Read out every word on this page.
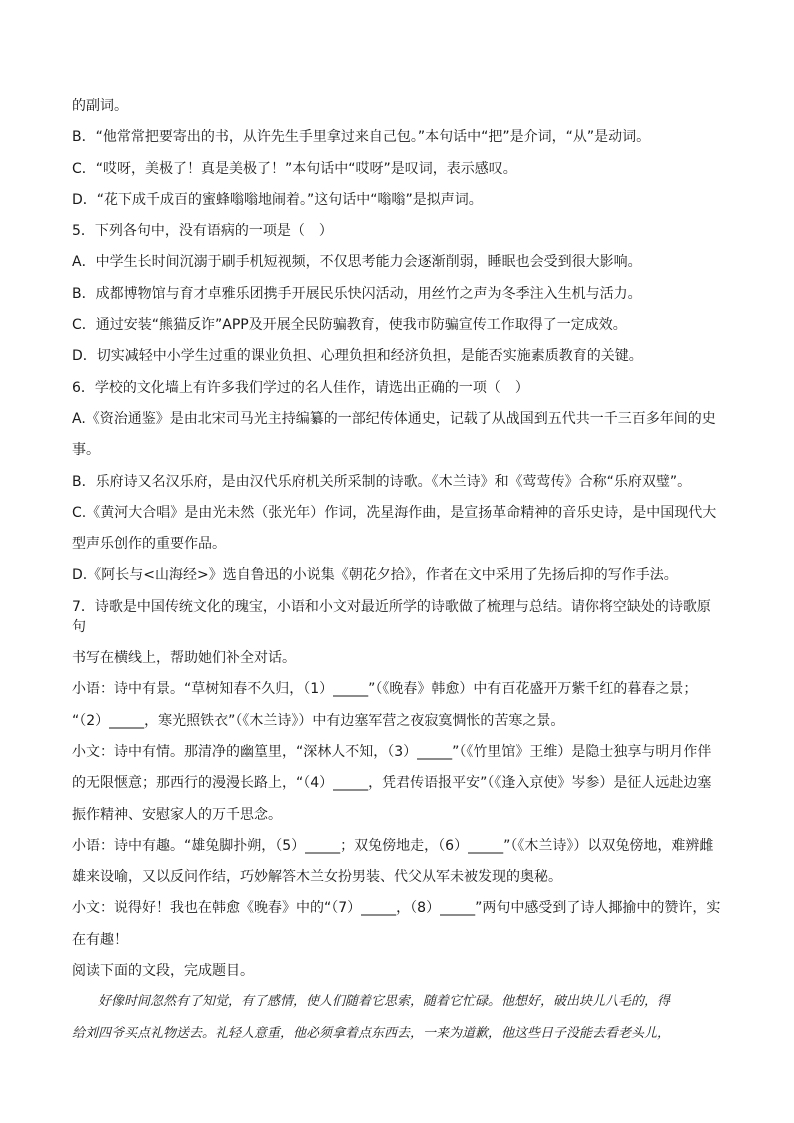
的副词。
B．“他常常把要寄出的书，从许先生手里拿过来自己包。”本句话中“把”是介词，“从”是动词。
C．“哎呀，美极了！真是美极了！”本句话中“哎呀”是叹词，表示感叹。
D．“花下成千成百的蜜蜂嗡嗡地闹着。”这句话中“嗡嗡”是拟声词。
5．下列各句中，没有语病的一项是（　）
A．中学生长时间沉溺于刷手机短视频，不仅思考能力会逐渐削弱，睡眠也会受到很大影响。
B．成都博物馆与育才卓雅乐团携手开展民乐快闪活动，用丝竹之声为冬季注入生机与活力。
C．通过安装“熊猫反诈”APP及开展全民防骗教育，使我市防骗宣传工作取得了一定成效。
D．切实减轻中小学生过重的课业负担、心理负担和经济负担，是能否实施素质教育的关键。
6．学校的文化墙上有许多我们学过的名人佳作，请选出正确的一项（　）
A.《资治通鉴》是由北宋司马光主持编纂的一部纪传体通史，记载了从战国到五代共一千三百多年间的史
事。
B．乐府诗又名汉乐府，是由汉代乐府机关所采制的诗歌。《木兰诗》和《莺莺传》合称“乐府双璧”。
C.《黄河大合唱》是由光未然（张光年）作词，冼星海作曲，是宣扬革命精神的音乐史诗，是中国现代大
型声乐创作的重要作品。
D.《阿长与<山海经>》选自鲁迅的小说集《朝花夕拾》，作者在文中采用了先扬后抑的写作手法。
7．诗歌是中国传统文化的瑰宝，小语和小文对最近所学的诗歌做了梳理与总结。请你将空缺处的诗歌原句
书写在横线上，帮助她们补全对话。
小语：诗中有景。“草树知春不久归，（1）_____”（《晚春》韩愈）中有百花盛开万紫千红的暮春之景；
“（2）_____，寒光照铁衣”（《木兰诗》）中有边塞军营之夜寂寞惆怅的苦寒之景。
小文：诗中有情。那清净的幽篁里，“深林人不知，（3）_____”（《竹里馆》王维）是隐士独享与明月作伴
的无限惬意；那西行的漫漫长路上，“（4）_____，凭君传语报平安”（《逢入京使》岑参）是征人远赴边塞
振作精神、安慰家人的万千思念。
小语：诗中有趣。“雄兔脚扑朔，（5）_____；双兔傍地走，（6）_____”（《木兰诗》）以双兔傍地，难辨雌
雄来设喻，又以反问作结，巧妙解答木兰女扮男装、代父从军未被发现的奥秘。
小文：说得好！我也在韩愈《晚春》中的“（7）_____，（8）_____”两句中感受到了诗人揶揄中的赞许，实
在有趣！
阅读下面的文段，完成题目。
好像时间忽然有了知觉，有了感情，使人们随着它思索，随着它忙碌。他想好，破出块儿八毛的，得
给刘四爷买点礼物送去。礼轻人意重，他必须拿着点东西去，一来为道歉，他这些日子没能去看老头儿，
